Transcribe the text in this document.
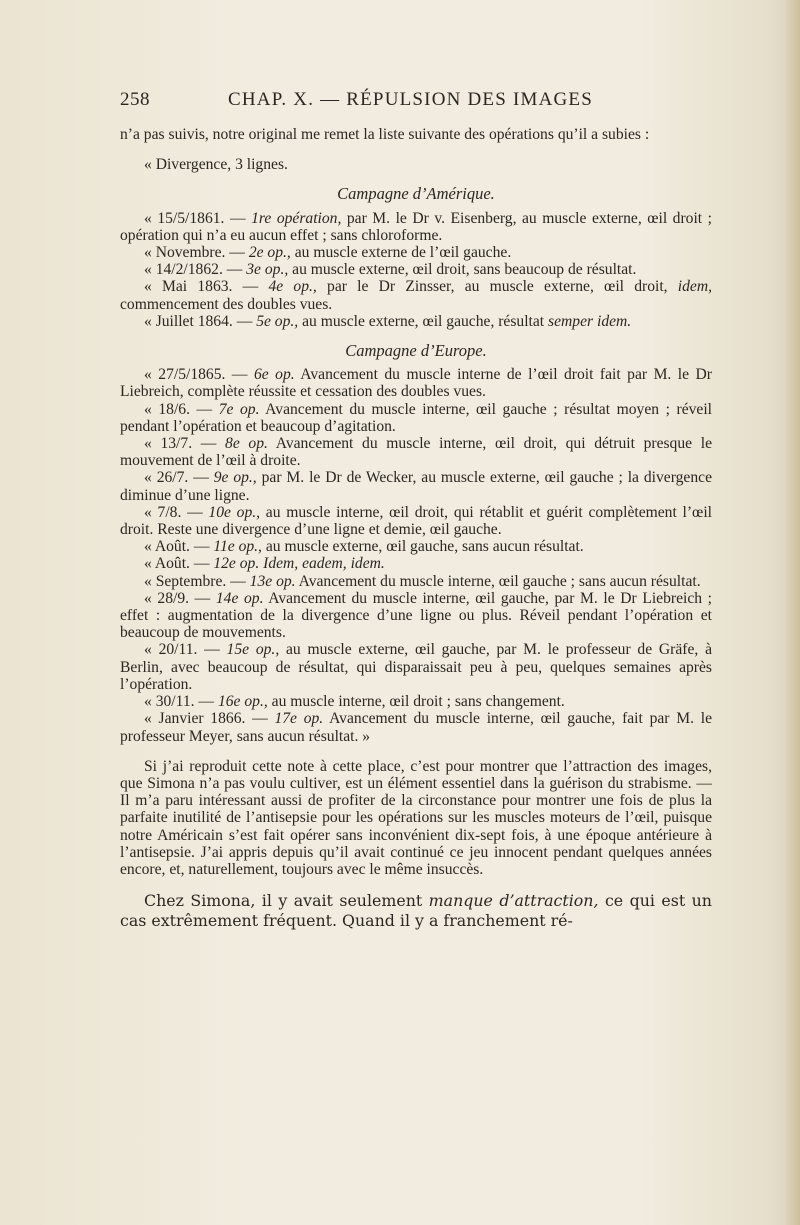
258	CHAP. X. — RÉPULSION DES IMAGES

n’a pas suivis, notre original me remet la liste suivante des opérations qu’il a subies :

« Divergence, 3 lignes.

Campagne d’Amérique.

« 15/5/1861. — 1re opération, par M. le Dr v. Eisenberg, au muscle externe, œil droit ; opération qui n’a eu aucun effet ; sans chloroforme.

« Novembre. — 2e op., au muscle externe de l’œil gauche.

« 14/2/1862. — 3e op., au muscle externe, œil droit, sans beaucoup de résultat.

« Mai 1863. — 4e op., par le Dr Zinsser, au muscle externe, œil droit, idem, commencement des doubles vues.

« Juillet 1864. — 5e op., au muscle externe, œil gauche, résultat semper idem.

Campagne d’Europe.

« 27/5/1865. — 6e op. Avancement du muscle interne de l’œil droit fait par M. le Dr Liebreich, complète réussite et cessation des doubles vues.

« 18/6. — 7e op. Avancement du muscle interne, œil gauche ; résultat moyen ; réveil pendant l’opération et beaucoup d’agitation.

« 13/7. — 8e op. Avancement du muscle interne, œil droit, qui détruit presque le mouvement de l’œil à droite.

« 26/7. — 9e op., par M. le Dr de Wecker, au muscle externe, œil gauche ; la divergence diminue d’une ligne.

« 7/8. — 10e op., au muscle interne, œil droit, qui rétablit et guérit complètement l’œil droit. Reste une divergence d’une ligne et demie, œil gauche.

« Août. — 11e op., au muscle externe, œil gauche, sans aucun résultat.

« Août. — 12e op. Idem, eadem, idem.

« Septembre. — 13e op. Avancement du muscle interne, œil gauche ; sans aucun résultat.

« 28/9. — 14e op. Avancement du muscle interne, œil gauche, par M. le Dr Liebreich ; effet : augmentation de la divergence d’une ligne ou plus. Réveil pendant l’opération et beaucoup de mouvements.

« 20/11. — 15e op., au muscle externe, œil gauche, par M. le professeur de Gräfe, à Berlin, avec beaucoup de résultat, qui disparaissait peu à peu, quelques semaines après l’opération.

« 30/11. — 16e op., au muscle interne, œil droit ; sans changement.

« Janvier 1866. — 17e op. Avancement du muscle interne, œil gauche, fait par M. le professeur Meyer, sans aucun résultat. »

Si j’ai reproduit cette note à cette place, c’est pour montrer que l’attraction des images, que Simona n’a pas voulu cultiver, est un élément essentiel dans la guérison du strabisme. — Il m’a paru intéressant aussi de profiter de la circonstance pour montrer une fois de plus la parfaite inutilité de l’antisepsie pour les opérations sur les muscles moteurs de l’œil, puisque notre Américain s’est fait opérer sans inconvénient dix-sept fois, à une époque antérieure à l’antisepsie. J’ai appris depuis qu’il avait continué ce jeu innocent pendant quelques années encore, et, naturellement, toujours avec le même insuccès.

Chez Simona, il y avait seulement manque d’attraction, ce qui est un cas extrêmement fréquent. Quand il y a franchement ré-
